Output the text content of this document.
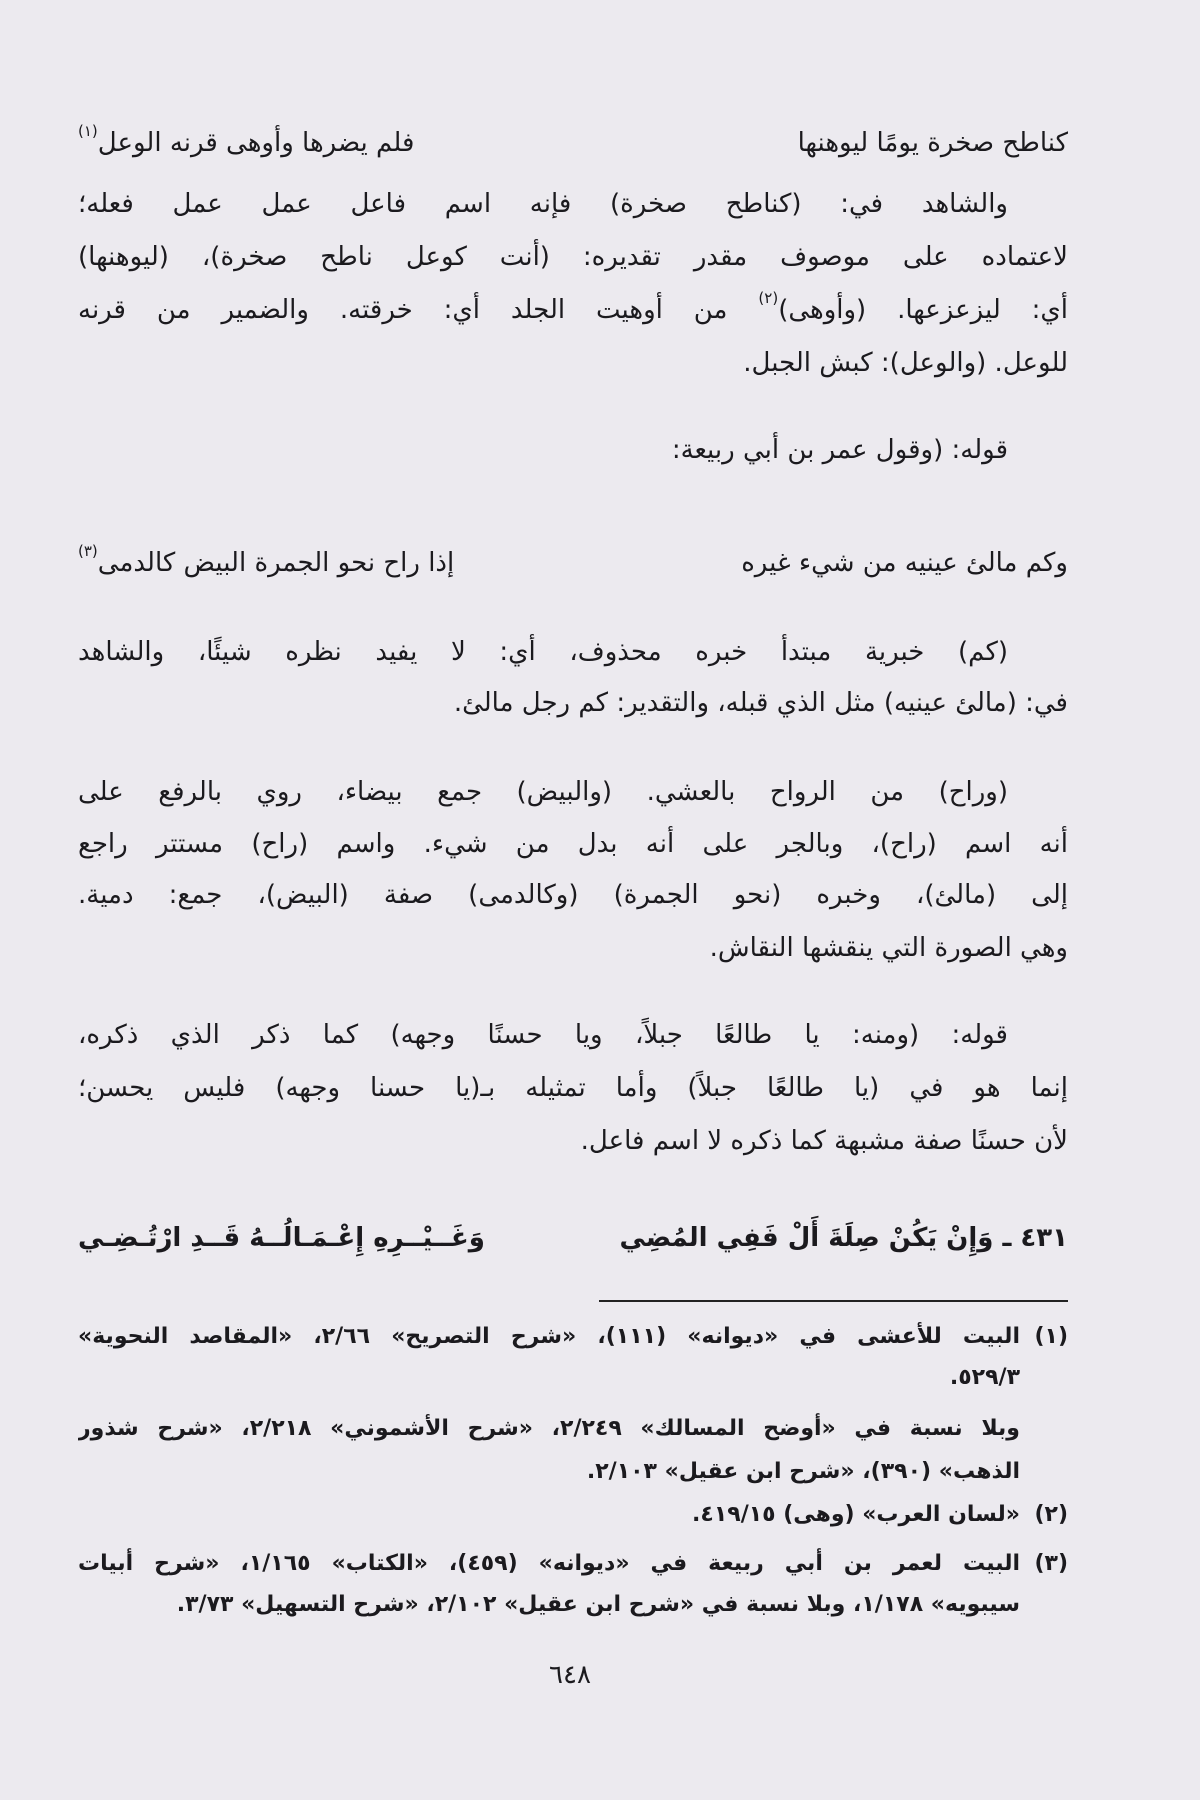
كناطح صخرة يومًا ليوهنها
فلم يضرها وأوهى قرنه الوعل$^{(١)}$
والشاهد في: (كناطح صخرة) فإنه اسم فاعل عمل عمل فعله؛
لاعتماده على موصوف مقدر تقديره: (أنت كوعل ناطح صخرة)، (ليوهنها)
أي: ليزعزعها. (وأوهى)$^{(٢)}$ من أوهيت الجلد أي: خرقته. والضمير من قرنه
للوعل. (والوعل): كبش الجبل.
قوله: (وقول عمر بن أبي ربيعة:
وكم مالئ عينيه من شيء غيره
إذا راح نحو الجمرة البيض كالدمى$^{(٣)}$
(كم) خبرية مبتدأ خبره محذوف، أي: لا يفيد نظره شيئًا، والشاهد
في: (مالئ عينيه) مثل الذي قبله، والتقدير: كم رجل مالئ.
(وراح) من الرواح بالعشي. (والبيض) جمع بيضاء، روي بالرفع على
أنه اسم (راح)، وبالجر على أنه بدل من شيء. واسم (راح) مستتر راجع
إلى (مالئ)، وخبره (نحو الجمرة) (وكالدمى) صفة (البيض)، جمع: دمية.
وهي الصورة التي ينقشها النقاش.
قوله: (ومنه: يا طالعًا جبلاً، ويا حسنًا وجهه) كما ذكر الذي ذكره،
إنما هو في (يا طالعًا جبلاً) وأما تمثيله بـ(يا حسنا وجهه) فليس يحسن؛
لأن حسنًا صفة مشبهة كما ذكره لا اسم فاعل.
٤٣١ ـ وَإِنْ يَكُنْ صِلَةَ أَلْ فَفِي المُضِي
وَغَــيْــرِهِ إِعْـمَـالُــهُ قَــدِ ارْتُـضِـي
(١)البيت للأعشى في «ديوانه» (١١١)، «شرح التصريح» ٢/٦٦، «المقاصد النحوية»
٥٢٩/٣.
وبلا نسبة في «أوضح المسالك» ٢/٢٤٩، «شرح الأشموني» ٢/٢١٨، «شرح شذور
الذهب» (٣٩٠)، «شرح ابن عقيل» ٢/١٠٣.
(٢)«لسان العرب» (وهى) ٤١٩/١٥.
(٣)البيت لعمر بن أبي ربيعة في «ديوانه» (٤٥٩)، «الكتاب» ١/١٦٥، «شرح أبيات
سيبويه» ١/١٧٨، وبلا نسبة في «شرح ابن عقيل» ٢/١٠٢، «شرح التسهيل» ٣/٧٣.
٦٤٨
